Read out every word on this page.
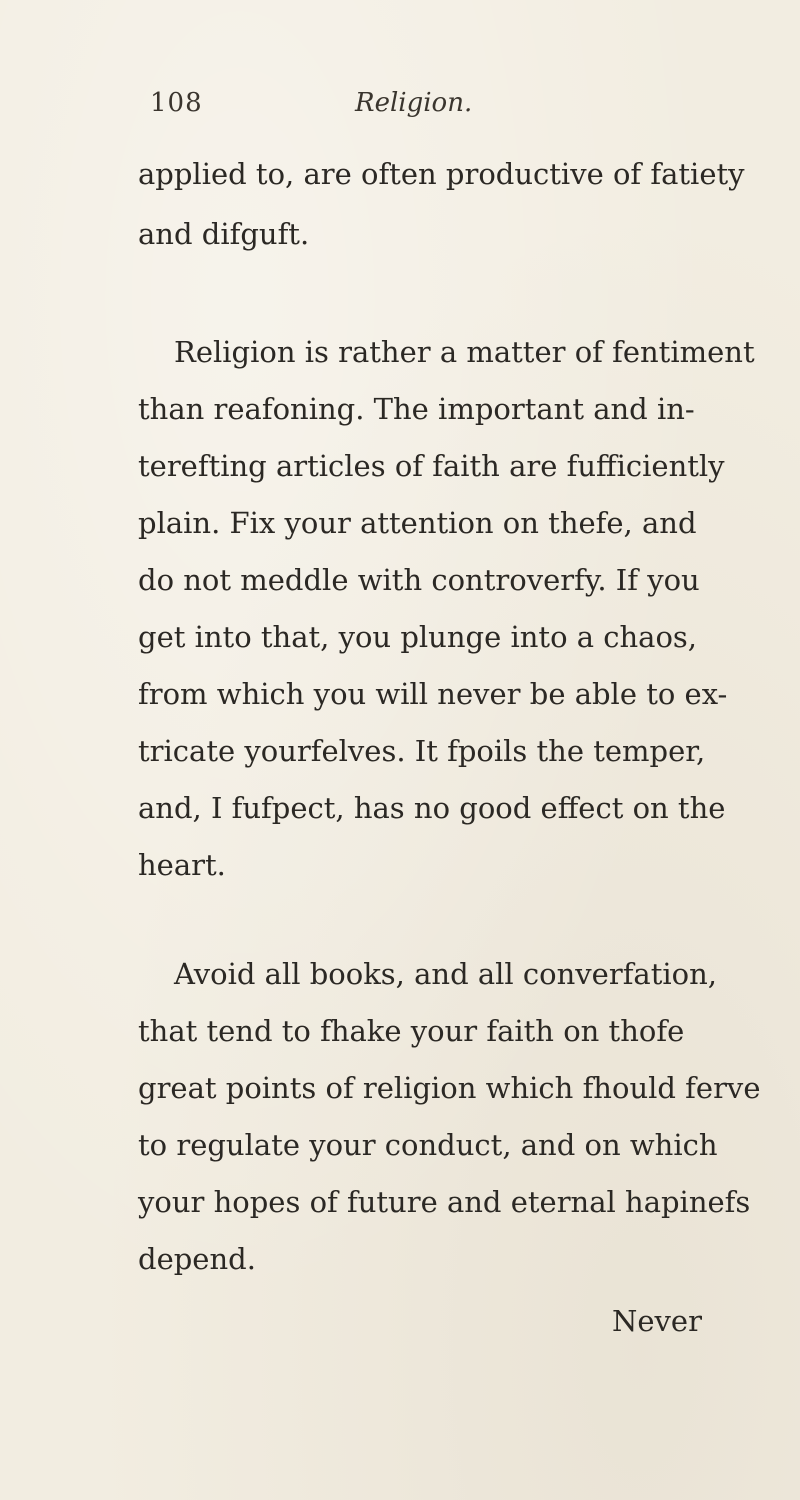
108	Religion.
applied to, are often productive of fatiety
and difguft.
Religion is rather a matter of fentiment
than reafoning. The important and in-
terefting articles of faith are fufficiently
plain. Fix your attention on thefe, and
do not meddle with controverfy. If you
get into that, you plunge into a chaos,
from which you will never be able to ex-
tricate yourfelves. It fpoils the temper,
and, I fufpect, has no good effect on the
heart.
Avoid all books, and all converfation,
that tend to fhake your faith on thofe
great points of religion which fhould ferve
to regulate your conduct, and on which
your hopes of future and eternal hapinefs
depend.
Never
